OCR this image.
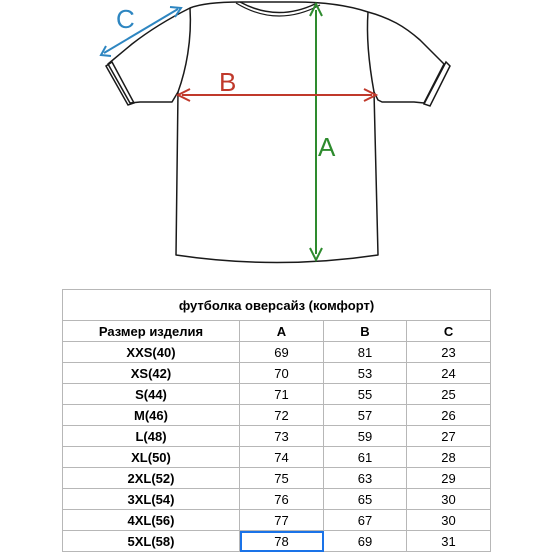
A
B
C
футболка оверсайз (комфорт)			
Размер изделия	A	B	C
XXS(40)	69	81	23
XS(42)	70	53	24
S(44)	71	55	25
M(46)	72	57	26
L(48)	73	59	27
XL(50)	74	61	28
2XL(52)	75	63	29
3XL(54)	76	65	30
4XL(56)	77	67	30
5XL(58)	78	69	31
